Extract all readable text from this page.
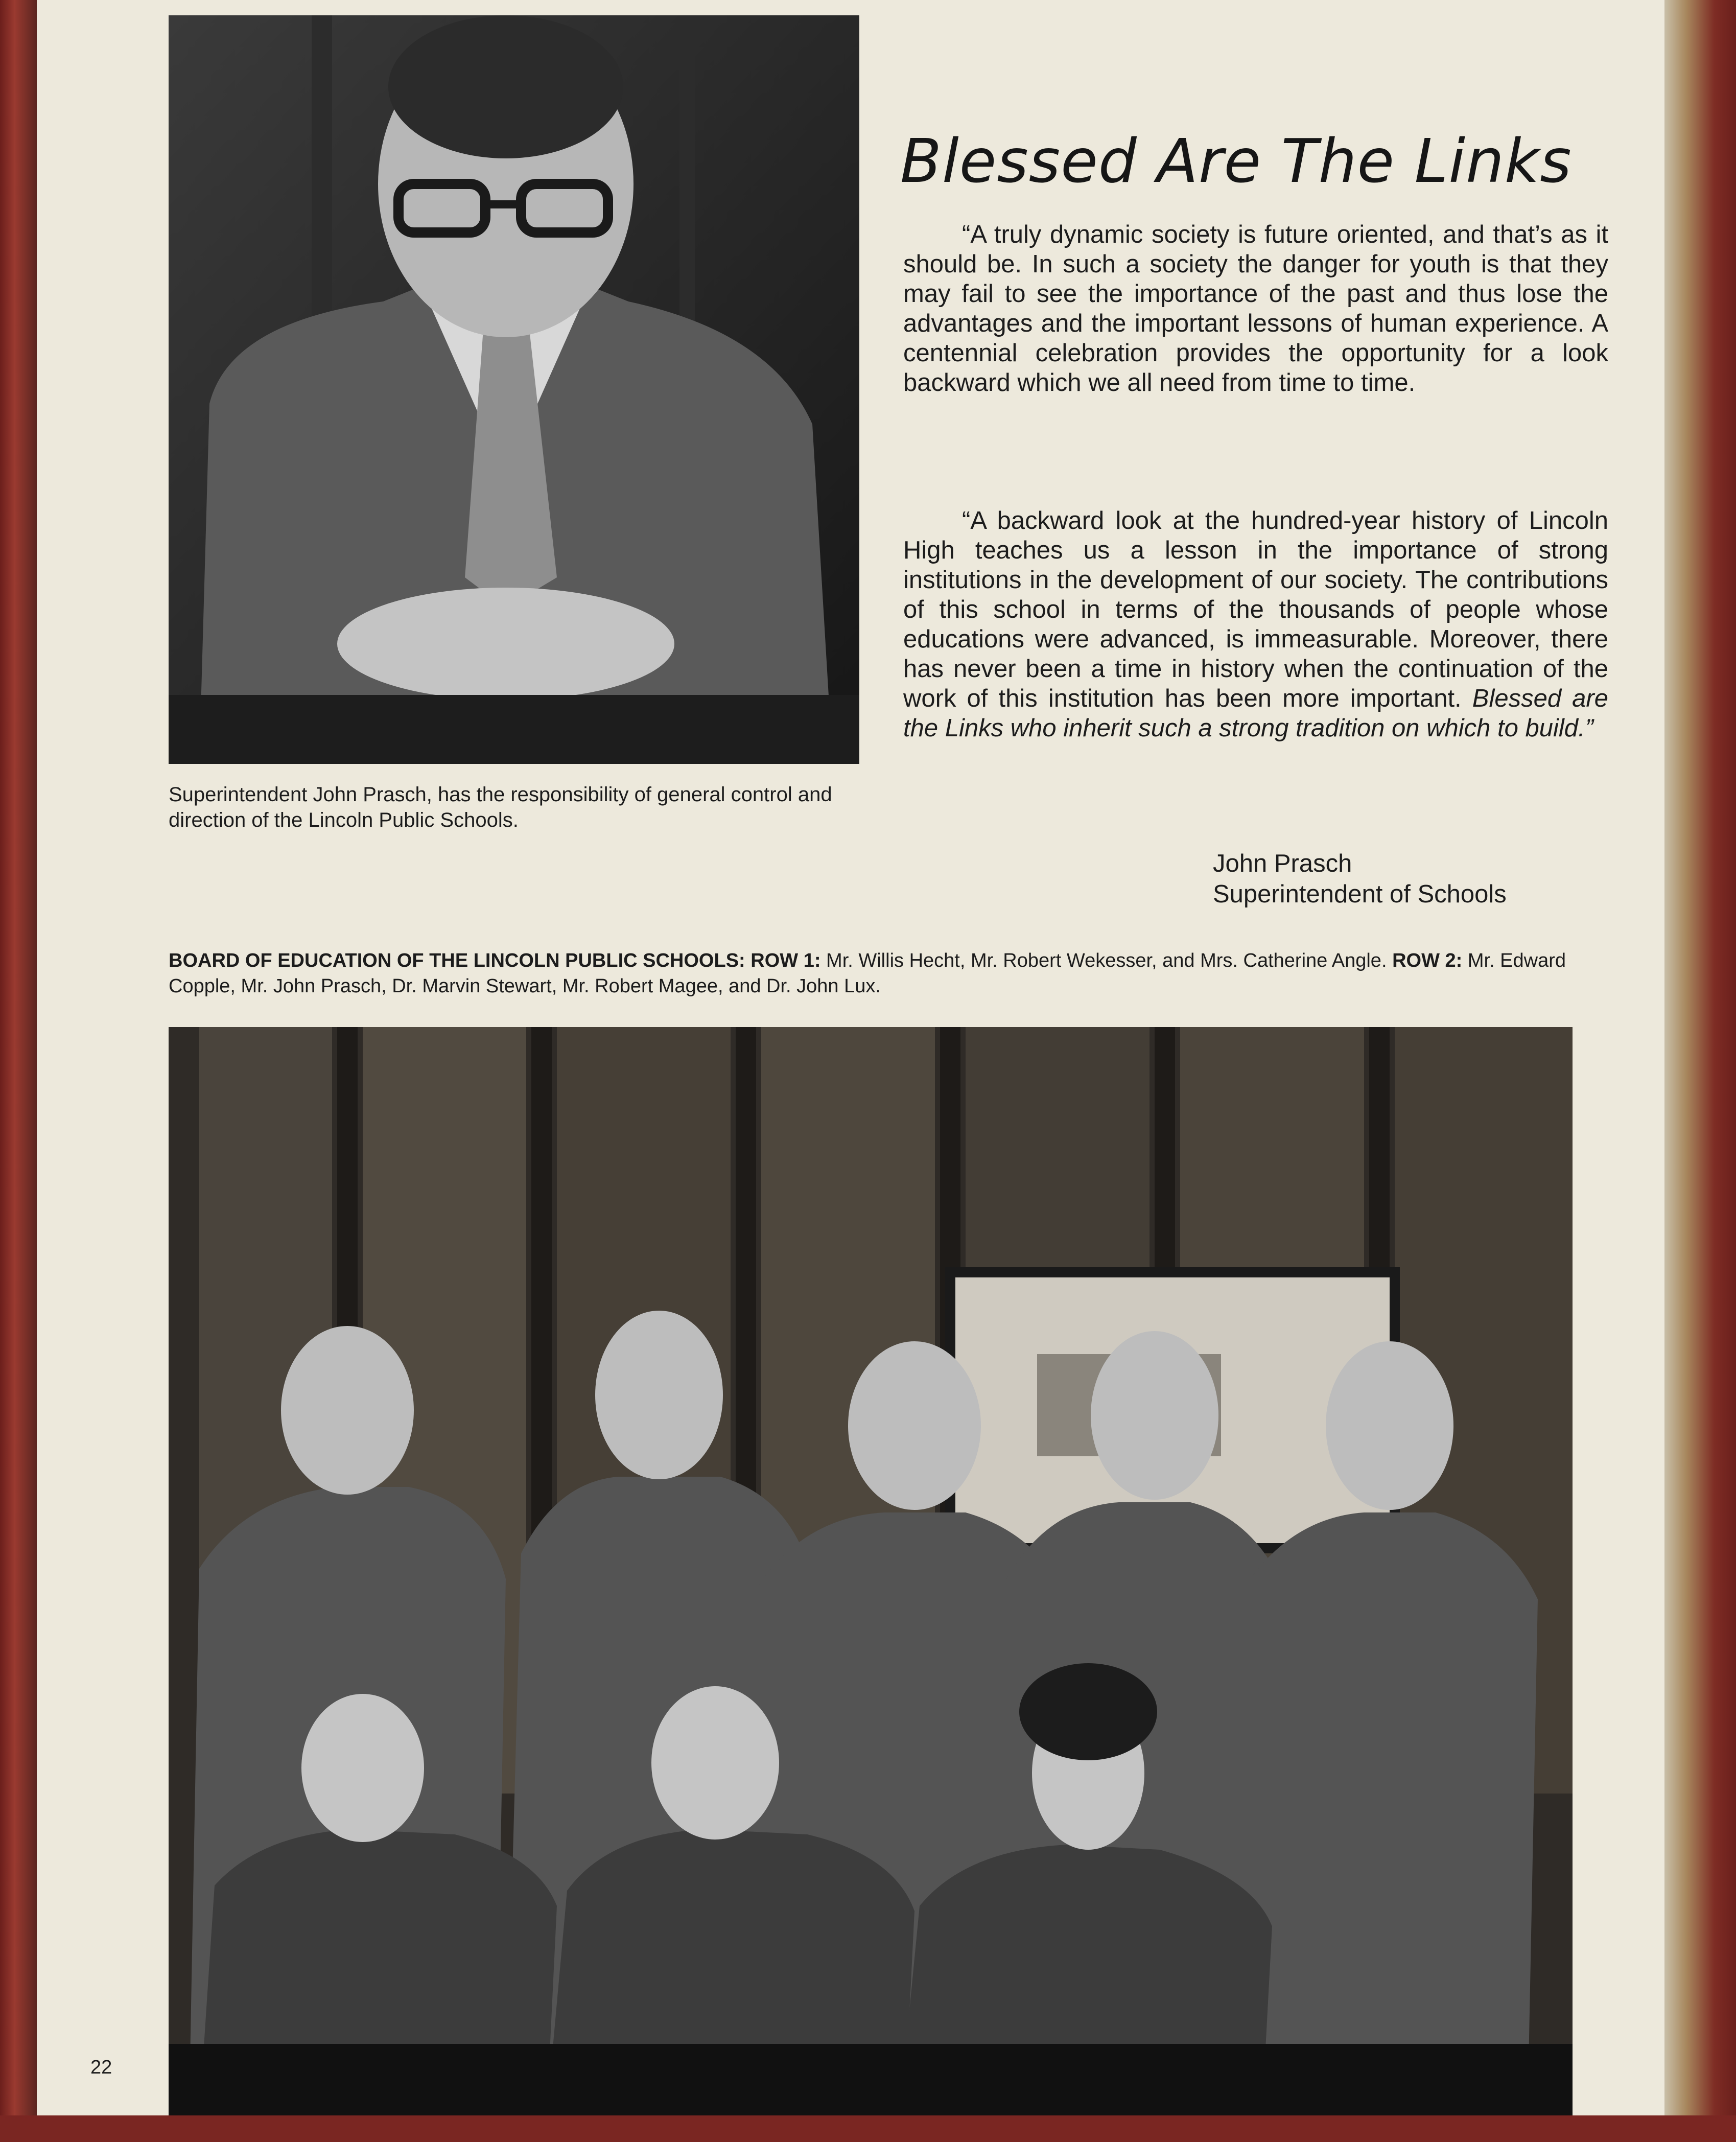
Superintendent John Prasch, has the responsibility of general control and direction of the Lincoln Public Schools.
Blessed Are The Links
“A truly dynamic society is future oriented, and that’s as it should be. In such a society the danger for youth is that they may fail to see the importance of the past and thus lose the advantages and the important lessons of human experience. A centennial celebration provides the opportunity for a look backward which we all need from time to time.
“A backward look at the hundred-year history of Lincoln High teaches us a lesson in the importance of strong institutions in the development of our society. The contributions of this school in terms of the thousands of people whose educations were advanced, is immeasurable. Moreover, there has never been a time in history when the continuation of the work of this institution has been more important. Blessed are the Links who inherit such a strong tradition on which to build.”
John Prasch
Superintendent of Schools
BOARD OF EDUCATION OF THE LINCOLN PUBLIC SCHOOLS: ROW 1: Mr. Willis Hecht, Mr. Robert Wekesser, and Mrs. Catherine Angle. ROW 2: Mr. Edward Copple, Mr. John Prasch, Dr. Marvin Stewart, Mr. Robert Magee, and Dr. John Lux.
22
